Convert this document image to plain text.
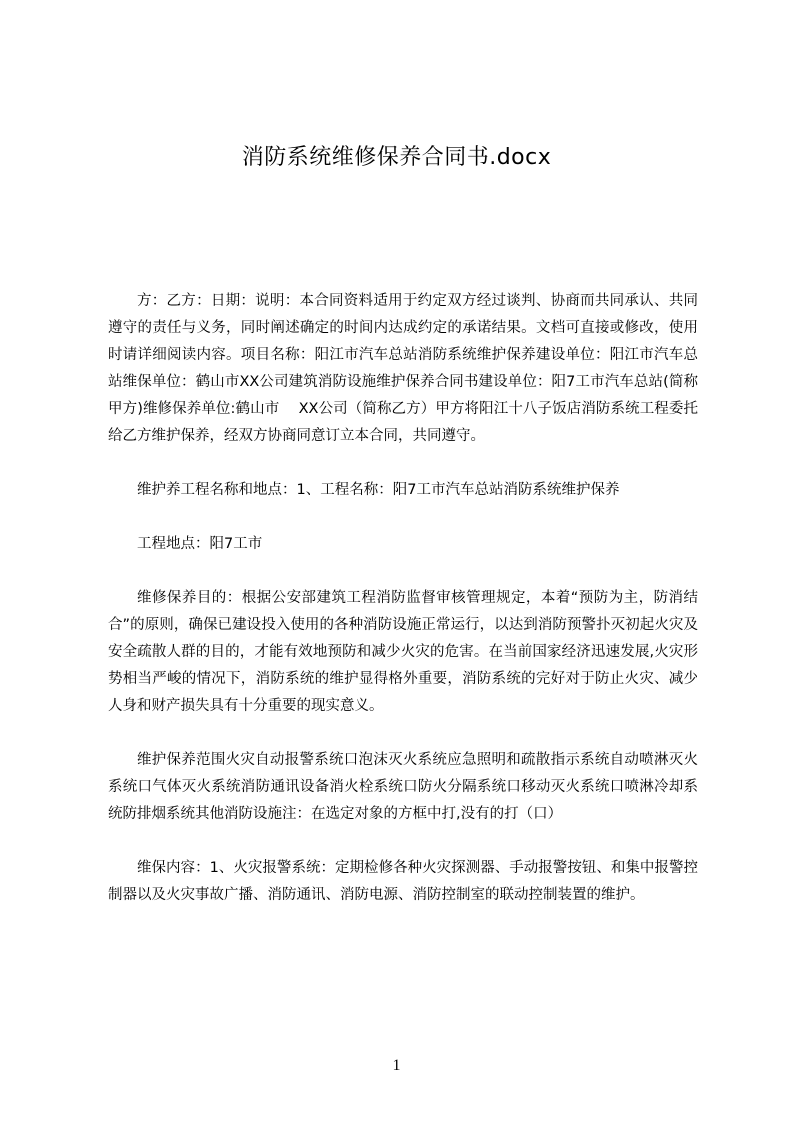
消防系统维修保养合同书.docx

方：乙方：日期：说明：本合同资料适用于约定双方经过谈判、协商而共同承认、共同遵守的责任与义务，同时阐述确定的时间内达成约定的承诺结果。文档可直接或修改，使用时请详细阅读内容。项目名称：阳江市汽车总站消防系统维护保养建设单位：阳江市汽车总站维保单位：鹤山市XX公司建筑消防设施维护保养合同书建设单位：阳7工市汽车总站(简称甲方)维修保养单位:鹤山市　 XX公司（简称乙方）甲方将阳江十八子饭店消防系统工程委托给乙方维护保养，经双方协商同意订立本合同，共同遵守。

维护养工程名称和地点：1、工程名称：阳7工市汽车总站消防系统维护保养

工程地点：阳7工市

维修保养目的：根据公安部建筑工程消防监督审核管理规定，本着“预防为主，防消结合”的原则，确保已建设投入使用的各种消防设施正常运行，以达到消防预警扑灭初起火灾及安全疏散人群的目的，才能有效地预防和减少火灾的危害。在当前国家经济迅速发展,火灾形势相当严峻的情况下，消防系统的维护显得格外重要，消防系统的完好对于防止火灾、减少人身和财产损失具有十分重要的现实意义。

维护保养范围火灾自动报警系统口泡沫灭火系统应急照明和疏散指示系统自动喷淋灭火系统口气体灭火系统消防通讯设备消火栓系统口防火分隔系统口移动灭火系统口喷淋冷却系统防排烟系统其他消防设施注：在选定对象的方框中打,没有的打（口）

维保内容：1、火灾报警系统：定期检修各种火灾探测器、手动报警按钮、和集中报警控制器以及火灾事故广播、消防通讯、消防电源、消防控制室的联动控制装置的维护。

1
